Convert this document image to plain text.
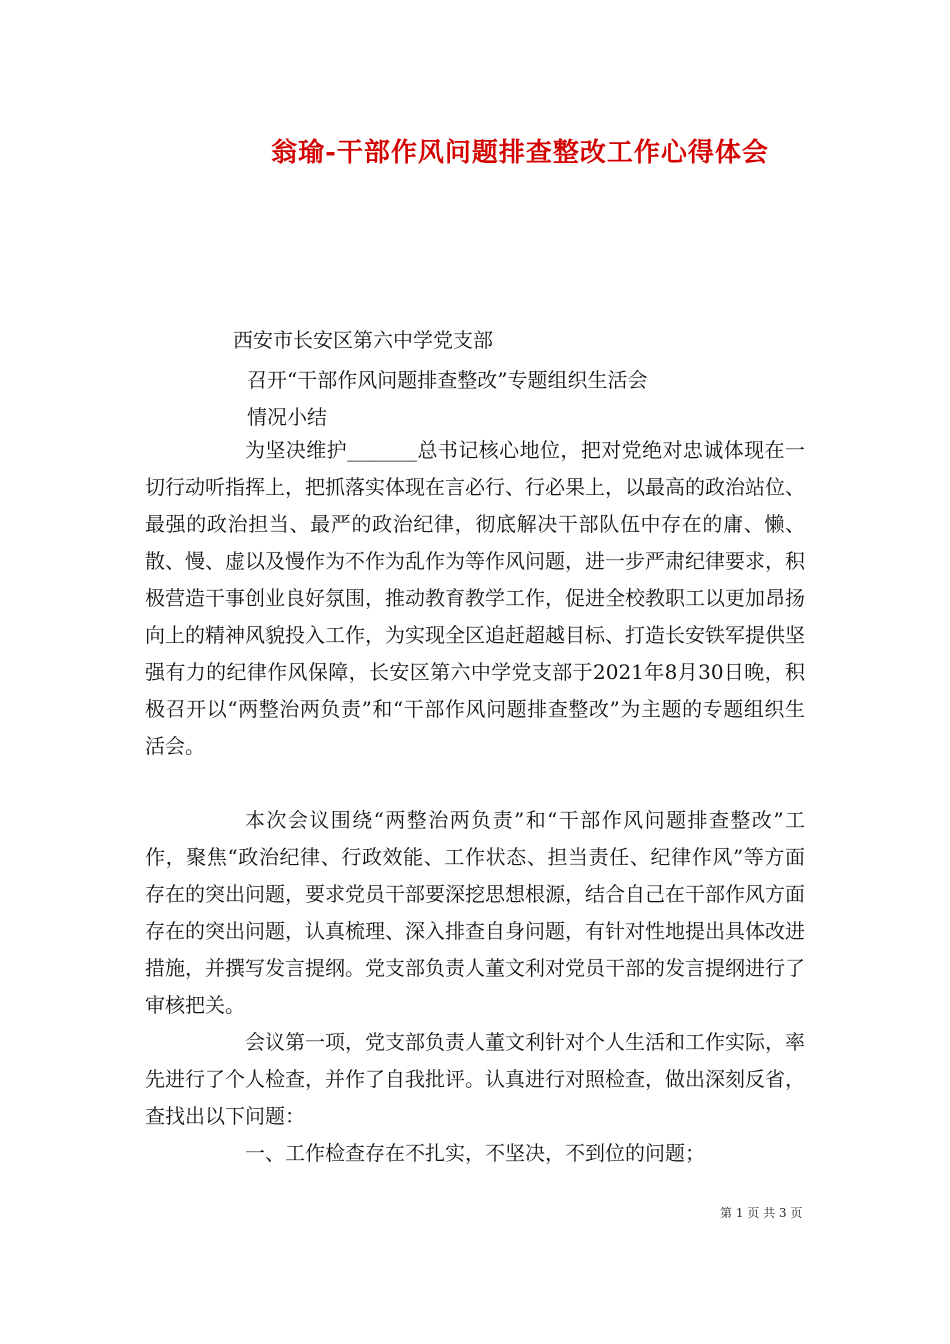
翁瑜-干部作风问题排查整改工作心得体会
西安市长安区第六中学党支部
召开“干部作风问题排查整改”专题组织生活会
情况小结

为坚决维护_______总书记核心地位，把对党绝对忠诚体现在一切行动听指挥上，把抓落实体现在言必行、行必果上，以最高的政治站位、最强的政治担当、最严的政治纪律，彻底解决干部队伍中存在的庸、懒、散、慢、虚以及慢作为不作为乱作为等作风问题，进一步严肃纪律要求，积极营造干事创业良好氛围，推动教育教学工作，促进全校教职工以更加昂扬向上的精神风貌投入工作，为实现全区追赶超越目标、打造长安铁军提供坚强有力的纪律作风保障，长安区第六中学党支部于2021年8月30日晚，积极召开以“两整治两负责”和“干部作风问题排查整改”为主题的专题组织生活会。

本次会议围绕“两整治两负责”和“干部作风问题排查整改”工作，聚焦“政治纪律、行政效能、工作状态、担当责任、纪律作风”等方面存在的突出问题，要求党员干部要深挖思想根源，结合自己在干部作风方面存在的突出问题，认真梳理、深入排查自身问题，有针对性地提出具体改进措施，并撰写发言提纲。党支部负责人董文利对党员干部的发言提纲进行了审核把关。

会议第一项，党支部负责人董文利针对个人生活和工作实际，率先进行了个人检查，并作了自我批评。认真进行对照检查，做出深刻反省，查找出以下问题：

一、工作检查存在不扎实，不坚决，不到位的问题；

第 1 页 共 3 页
